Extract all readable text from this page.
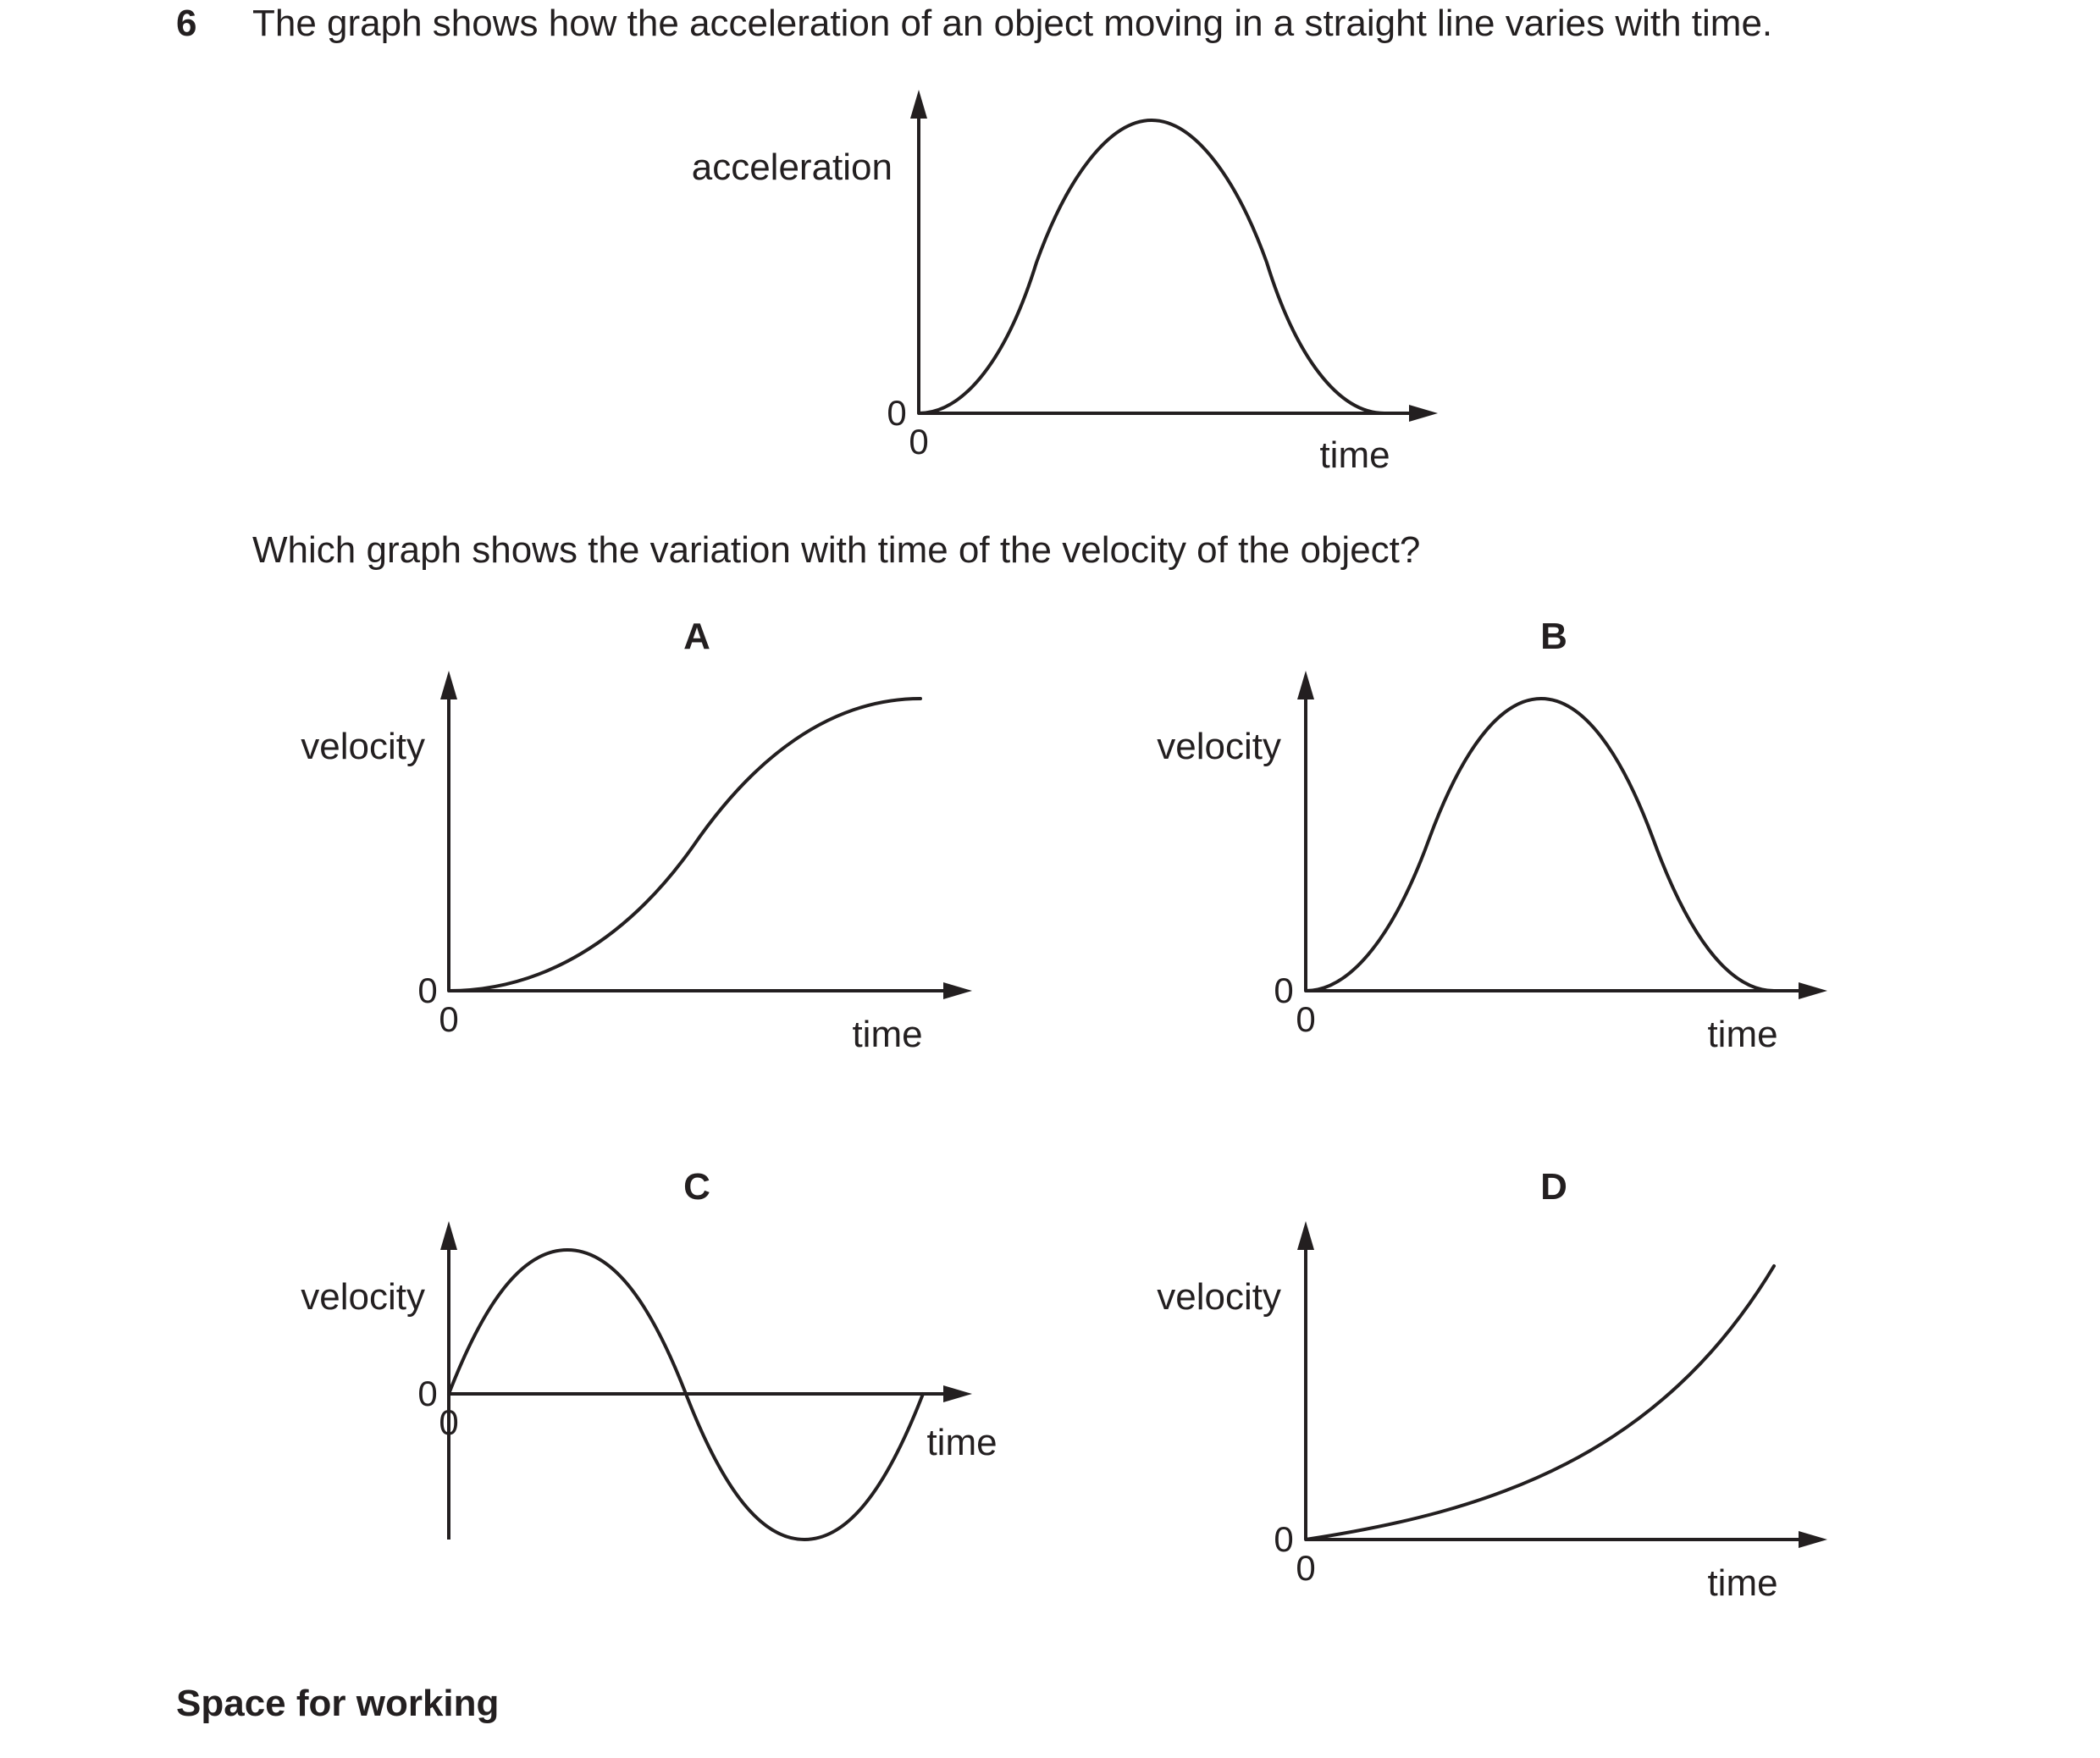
6 The graph shows how the acceleration of an object moving in a straight line varies with time.
acceleration
0
0	time
Which graph shows the variation with time of the velocity of the object?
A
velocity
0
0	time
B
velocity
0
0	time
C
velocity
0
0	time
D
velocity
0
0	time
Space for working
